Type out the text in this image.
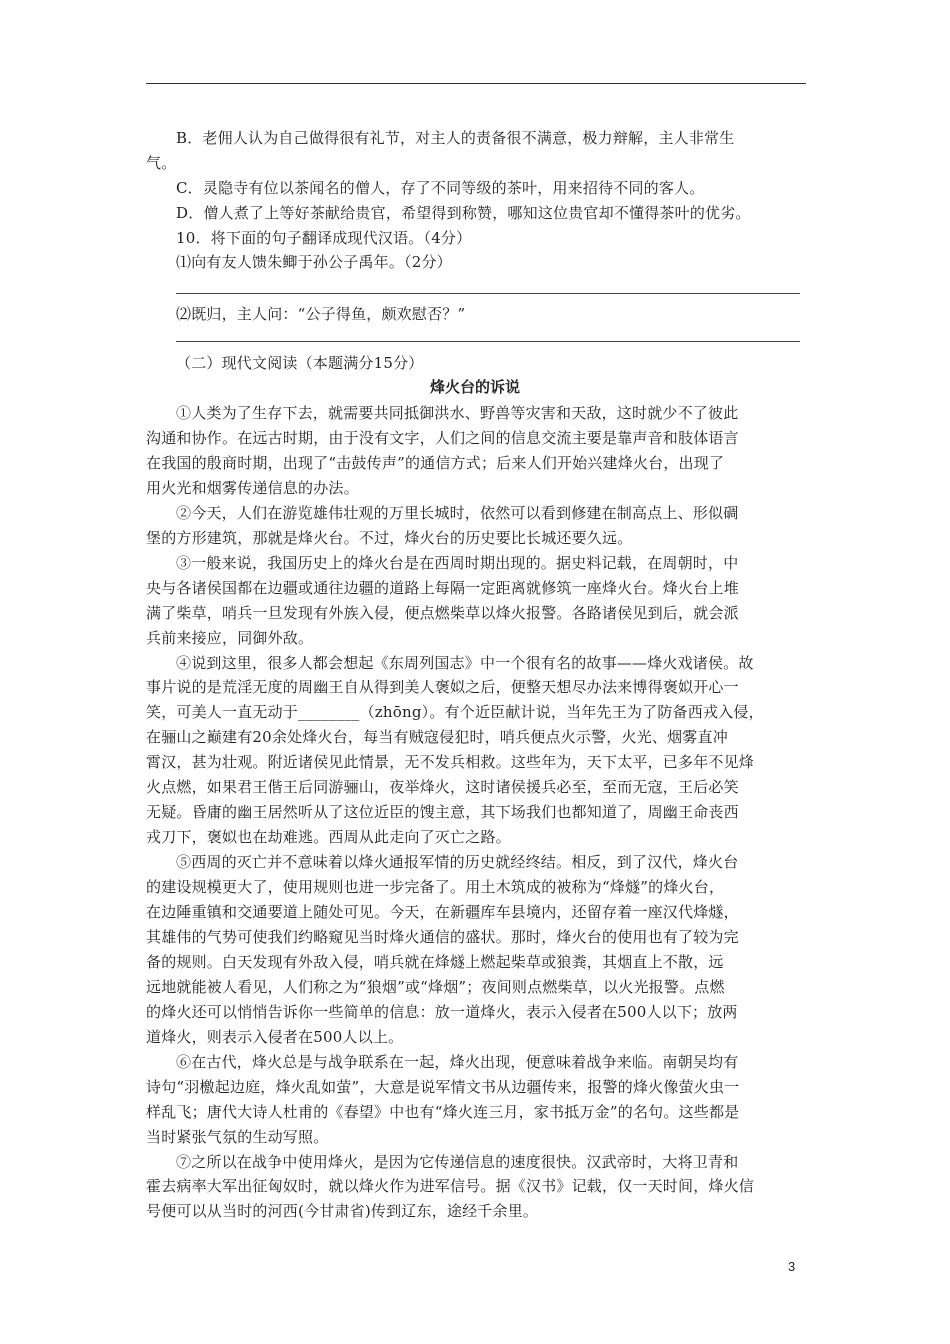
B．老佣人认为自己做得很有礼节，对主人的责备很不满意，极力辩解，主人非常生
气。
C．灵隐寺有位以茶闻名的僧人，存了不同等级的茶叶，用来招待不同的客人。
D．僧人煮了上等好茶献给贵官，希望得到称赞，哪知这位贵官却不懂得茶叶的优劣。
10．将下面的句子翻译成现代汉语。（4分）
⑴向有友人馈朱鲫于孙公子禹年。（2分）
⑵既归，主人问：“公子得鱼，颇欢慰否？”
（二）现代文阅读（本题满分15分）
烽火台的诉说
①人类为了生存下去，就需要共同抵御洪水、野兽等灾害和天敌，这时就少不了彼此
沟通和协作。在远古时期，由于没有文字，人们之间的信息交流主要是靠声音和肢体语言
在我国的殷商时期，出现了“击鼓传声”的通信方式；后来人们开始兴建烽火台，出现了
用火光和烟雾传递信息的办法。
②今天，人们在游览雄伟壮观的万里长城时，依然可以看到修建在制高点上、形似碉
堡的方形建筑，那就是烽火台。不过，烽火台的历史要比长城还要久远。
③一般来说，我国历史上的烽火台是在西周时期出现的。据史料记载，在周朝时，中
央与各诸侯国都在边疆或通往边疆的道路上每隔一定距离就修筑一座烽火台。烽火台上堆
满了柴草，哨兵一旦发现有外族入侵，便点燃柴草以烽火报警。各路诸侯见到后，就会派
兵前来接应，同御外敌。
④说到这里，很多人都会想起《东周列国志》中一个很有名的故事——烽火戏诸侯。故
事片说的是荒淫无度的周幽王自从得到美人褒姒之后，便整天想尽办法来博得褒姒开心一
笑，可美人一直无动于________（zhōng）。有个近臣献计说，当年先王为了防备西戎入侵，
在骊山之巅建有20余处烽火台，每当有贼寇侵犯时，哨兵便点火示警，火光、烟雾直冲
霄汉，甚为壮观。附近诸侯见此情景，无不发兵相救。这些年为，天下太平，已多年不见烽
火点燃，如果君王偕王后同游骊山，夜举烽火，这时诸侯援兵必至，至而无寇，王后必笑
无疑。昏庸的幽王居然听从了这位近臣的馊主意，其下场我们也都知道了，周幽王命丧西
戎刀下，褒姒也在劫难逃。西周从此走向了灭亡之路。
⑤西周的灭亡并不意味着以烽火通报军情的历史就经终结。相反，到了汉代，烽火台
的建设规模更大了，使用规则也进一步完备了。用土木筑成的被称为“烽燧”的烽火台，
在边陲重镇和交通要道上随处可见。今天，在新疆库车县境内，还留存着一座汉代烽燧，
其雄伟的气势可使我们约略窥见当时烽火通信的盛状。那时，烽火台的使用也有了较为完
备的规则。白天发现有外敌入侵，哨兵就在烽燧上燃起柴草或狼粪，其烟直上不散，远
远地就能被人看见，人们称之为“狼烟”或“烽烟”；夜间则点燃柴草，以火光报警。点燃
的烽火还可以悄悄告诉你一些简单的信息：放一道烽火，表示入侵者在500人以下；放两
道烽火，则表示入侵者在500人以上。
⑥在古代，烽火总是与战争联系在一起，烽火出现，便意味着战争来临。南朝吴均有
诗句“羽檄起边庭，烽火乱如萤”，大意是说军情文书从边疆传来，报警的烽火像萤火虫一
样乱飞；唐代大诗人杜甫的《春望》中也有“烽火连三月，家书抵万金”的名句。这些都是
当时紧张气氛的生动写照。
⑦之所以在战争中使用烽火，是因为它传递信息的速度很快。汉武帝时，大将卫青和
霍去病率大军出征匈奴时，就以烽火作为进军信号。据《汉书》记载，仅一天时间，烽火信
号便可以从当时的河西(今甘肃省)传到辽东，途经千余里。
3
